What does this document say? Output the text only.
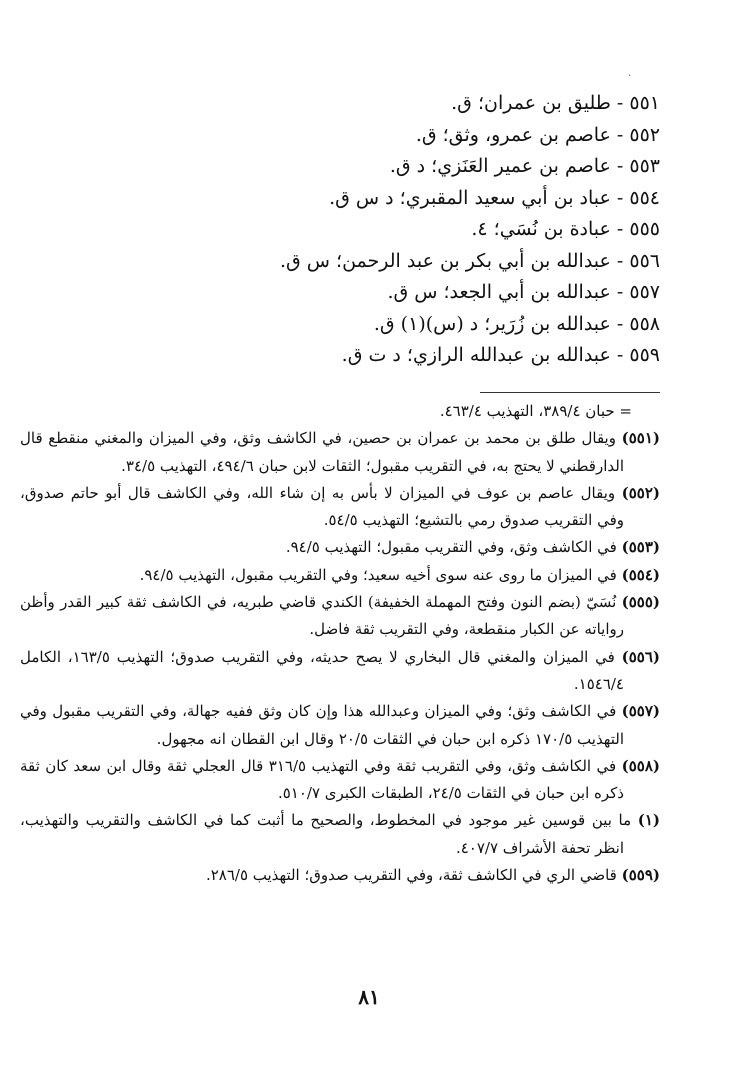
.
٥٥١ - طليق بن عمران؛ ق.
٥٥٢ - عاصم بن عمرو، وثق؛ ق.
٥٥٣ - عاصم بن عمير العَنَزي؛ د ق.
٥٥٤ - عباد بن أبي سعيد المقبري؛ د س ق.
٥٥٥ - عبادة بن نُسَي؛ ٤.
٥٥٦ - عبدالله بن أبي بكر بن عبد الرحمن؛ س ق.
٥٥٧ - عبدالله بن أبي الجعد؛ س ق.
٥٥٨ - عبدالله بن زُرَير؛ د (س)(١) ق.
٥٥٩ - عبدالله بن عبدالله الرازي؛ د ت ق.

= حبان ٣٨٩/٤، التهذيب ٤٦٣/٤.

(٥٥١) ويقال طلق بن محمد بن عمران بن حصين، في الكاشف وثق، وفي الميزان والمغني منقطع قال الدارقطني لا يحتج به، في التقريب مقبول؛ الثقات لابن حبان ٤٩٤/٦، التهذيب ٣٤/٥.

(٥٥٢) ويقال عاصم بن عوف في الميزان لا بأس به إن شاء الله، وفي الكاشف قال أبو حاتم صدوق، وفي التقريب صدوق رمي بالتشيع؛ التهذيب ٥٤/٥.

(٥٥٣) في الكاشف وثق، وفي التقريب مقبول؛ التهذيب ٩٤/٥.

(٥٥٤) في الميزان ما روى عنه سوى أخيه سعيد؛ وفي التقريب مقبول، التهذيب ٩٤/٥.

(٥٥٥) نُسَيّ (بضم النون وفتح المهملة الخفيفة) الكندي قاضي طبريه، في الكاشف ثقة كبير القدر وأظن رواياته عن الكبار منقطعة، وفي التقريب ثقة فاضل.

(٥٥٦) في الميزان والمغني قال البخاري لا يصح حديثه، وفي التقريب صدوق؛ التهذيب ١٦٣/٥، الكامل ١٥٤٦/٤.

(٥٥٧) في الكاشف وثق؛ وفي الميزان وعبدالله هذا وإن كان وثق ففيه جهالة، وفي التقريب مقبول وفي التهذيب ١٧٠/٥ ذكره ابن حبان في الثقات ٢٠/٥ وقال ابن القطان انه مجهول.

(٥٥٨) في الكاشف وثق، وفي التقريب ثقة وفي التهذيب ٣١٦/٥ قال العجلي ثقة وقال ابن سعد كان ثقة ذكره ابن حبان في الثقات ٢٤/٥، الطبقات الكبرى ٥١٠/٧.

(١) ما بين قوسين غير موجود في المخطوط، والصحيح ما أثبت كما في الكاشف والتقريب والتهذيب، انظر تحفة الأشراف ٤٠٧/٧.

(٥٥٩) قاضي الري في الكاشف ثقة، وفي التقريب صدوق؛ التهذيب ٢٨٦/٥.

٨١
